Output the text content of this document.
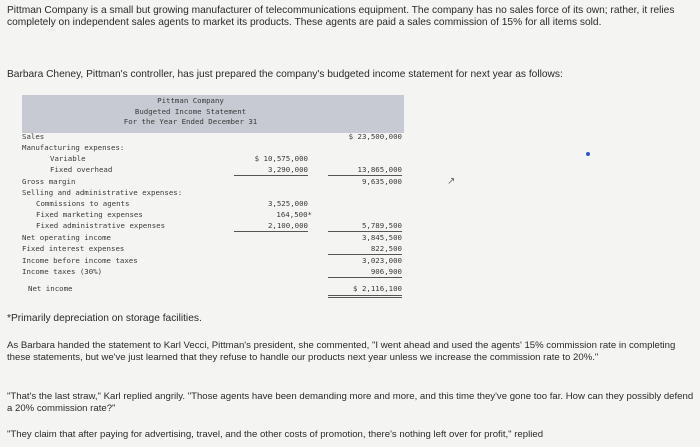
Pittman Company is a small but growing manufacturer of telecommunications equipment. The company has no sales force of its own; rather, it relies completely on independent sales agents to market its products. These agents are paid a sales commission of 15% for all items sold.

Barbara Cheney, Pittman's controller, has just prepared the company's budgeted income statement for next year as follows:

Pittman Company
Budgeted Income Statement
For the Year Ended December 31
Sales	$ 23,500,000
Manufacturing expenses:
Variable	$ 10,575,000
Fixed overhead	3,290,000	13,865,000
Gross margin	9,635,000
Selling and administrative expenses:
Commissions to agents	3,525,000
Fixed marketing expenses	164,500*
Fixed administrative expenses	2,100,000	5,789,500
Net operating income	3,845,500
Fixed interest expenses	822,500
Income before income taxes	3,023,000
Income taxes (30%)	906,900
Net income	$ 2,116,100
↗

*Primarily depreciation on storage facilities.

As Barbara handed the statement to Karl Vecci, Pittman's president, she commented, "I went ahead and used the agents' 15% commission rate in completing these statements, but we've just learned that they refuse to handle our products next year unless we increase the commission rate to 20%."

"That's the last straw," Karl replied angrily. "Those agents have been demanding more and more, and this time they've gone too far. How can they possibly defend a 20% commission rate?"

"They claim that after paying for advertising, travel, and the other costs of promotion, there's nothing left over for profit," replied
